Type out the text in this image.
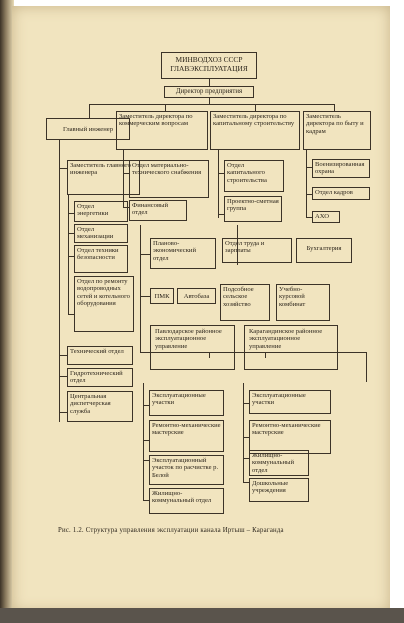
МИНВОДХОЗ СССР
ГЛАВЭКСПЛУАТАЦИЯ
Директор предприятия
Главный инженер
Заместитель директора по коммерческим вопросам
Заместитель директора по капитальному строительству
Заместитель директора по быту и кадрам
Заместитель главного инженера
Отдел энергетики
Отдел механизации
Отдел техники безопасности
Отдел по ремонту водопроводных сетей и котельного оборудования
Технический отдел
Гидротехнический отдел
Центральная диспетчерская служба
Отдел материально-технического снабжения
Финансовый отдел
Отдел капитального строительства
Проектно-сметная группа
Военизированная охрана
Отдел кадров
АХО
Планово-экономический отдел
Отдел труда и зарплаты	Бухгалтерия
ПМК	Автобаза
Подсобное сельское хозяйство
Учебно-курсовой комбинат
Павлодарское районное эксплуатационное управление
Карагандинское районное эксплуатационное управление
Эксплуатационные участки
Ремонтно-механические мастерские
Эксплуатационный участок по расчистке р. Белой
Жилищно-коммунальный отдел
Эксплуатационные участки
Ремонтно-механические мастерские
Жилищно-коммунальный отдел
Дошкольные учреждения
Рис. 1.2. Структура управления эксплуатации канала Иртыш – Караганда
